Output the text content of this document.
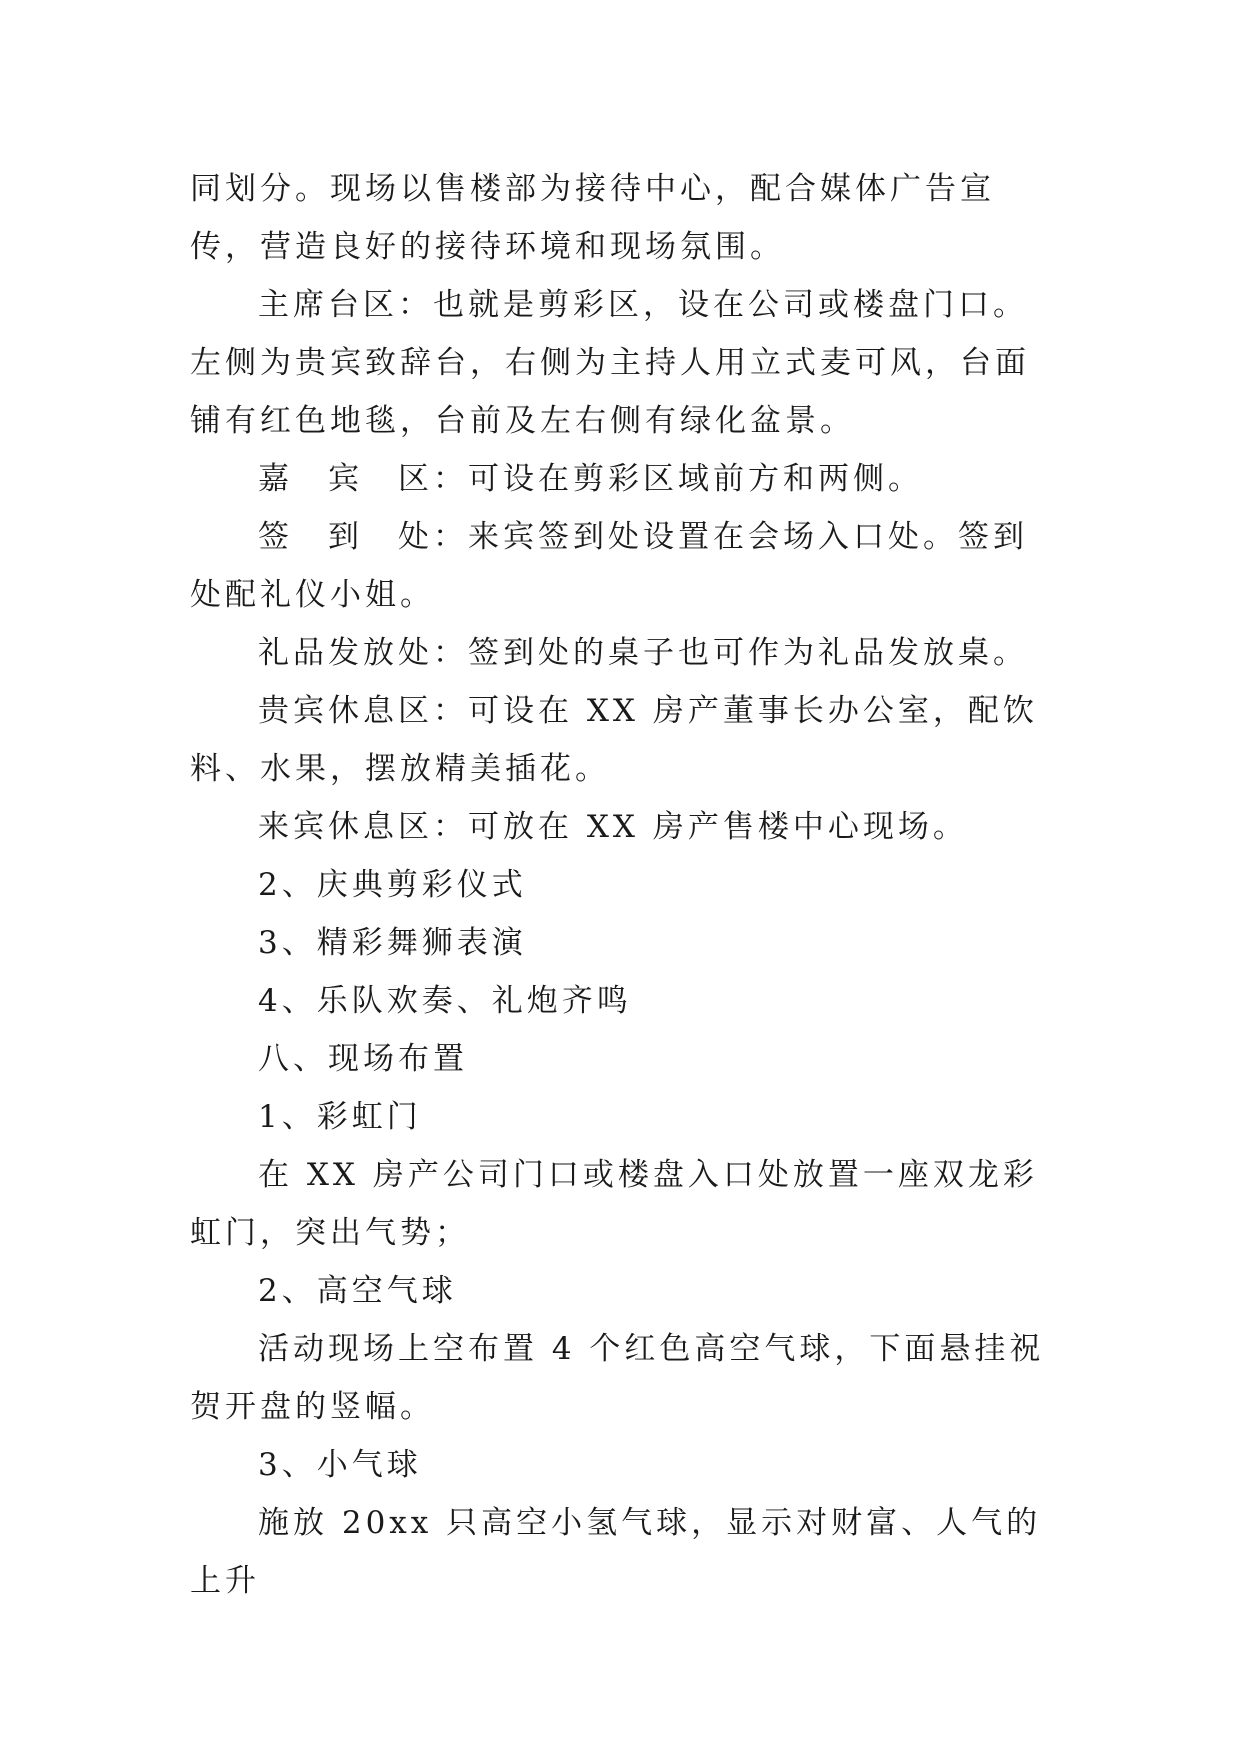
同划分。现场以售楼部为接待中心，配合媒体广告宣传，营造良好的接待环境和现场氛围。

主席台区：也就是剪彩区，设在公司或楼盘门口。左侧为贵宾致辞台，右侧为主持人用立式麦可风，台面铺有红色地毯，台前及左右侧有绿化盆景。

嘉　宾　区：可设在剪彩区域前方和两侧。

签　到　处：来宾签到处设置在会场入口处。签到处配礼仪小姐。

礼品发放处：签到处的桌子也可作为礼品发放桌。

贵宾休息区：可设在 XX 房产董事长办公室，配饮料、水果，摆放精美插花。

来宾休息区：可放在 XX 房产售楼中心现场。

2、庆典剪彩仪式

3、精彩舞狮表演

4、乐队欢奏、礼炮齐鸣

八、现场布置

1、彩虹门

在 XX 房产公司门口或楼盘入口处放置一座双龙彩虹门，突出气势；

2、高空气球

活动现场上空布置 4 个红色高空气球，下面悬挂祝贺开盘的竖幅。

3、小气球

施放 20xx 只高空小氢气球，显示对财富、人气的上升
